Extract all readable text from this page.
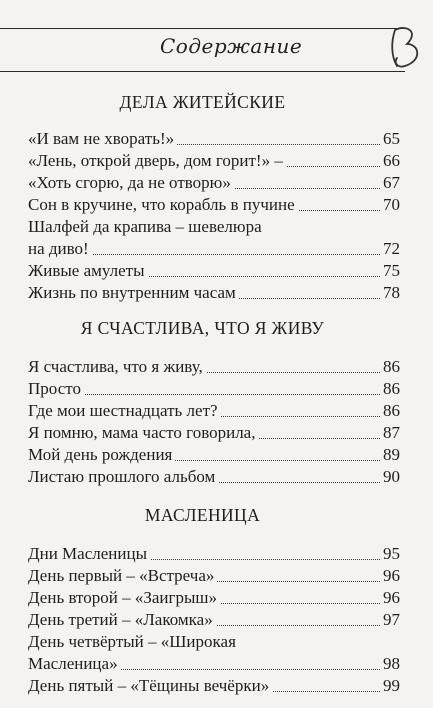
Содержание
ДЕЛА ЖИТЕЙСКИЕ
«И вам не хворать!»	65
«Лень, открой дверь, дом горит!» –	66
«Хоть сгорю, да не отворю»	67
Сон в кручине, что корабль в пучине	70
Шалфей да крапива – шевелюра
на диво!	72
Живые амулеты	75
Жизнь по внутренним часам	78
Я СЧАСТЛИВА, ЧТО Я ЖИВУ
Я счастлива, что я живу,	86
Просто	86
Где мои шестнадцать лет?	86
Я помню, мама часто говорила,	87
Мой день рождения	89
Листаю прошлого альбом	90
МАСЛЕНИЦА
Дни Масленицы	95
День первый – «Встреча»	96
День второй – «Заигрыш»	96
День третий – «Лакомка»	97
День четвёртый – «Широкая
Масленица»	98
День пятый – «Тёщины вечёрки»	99
